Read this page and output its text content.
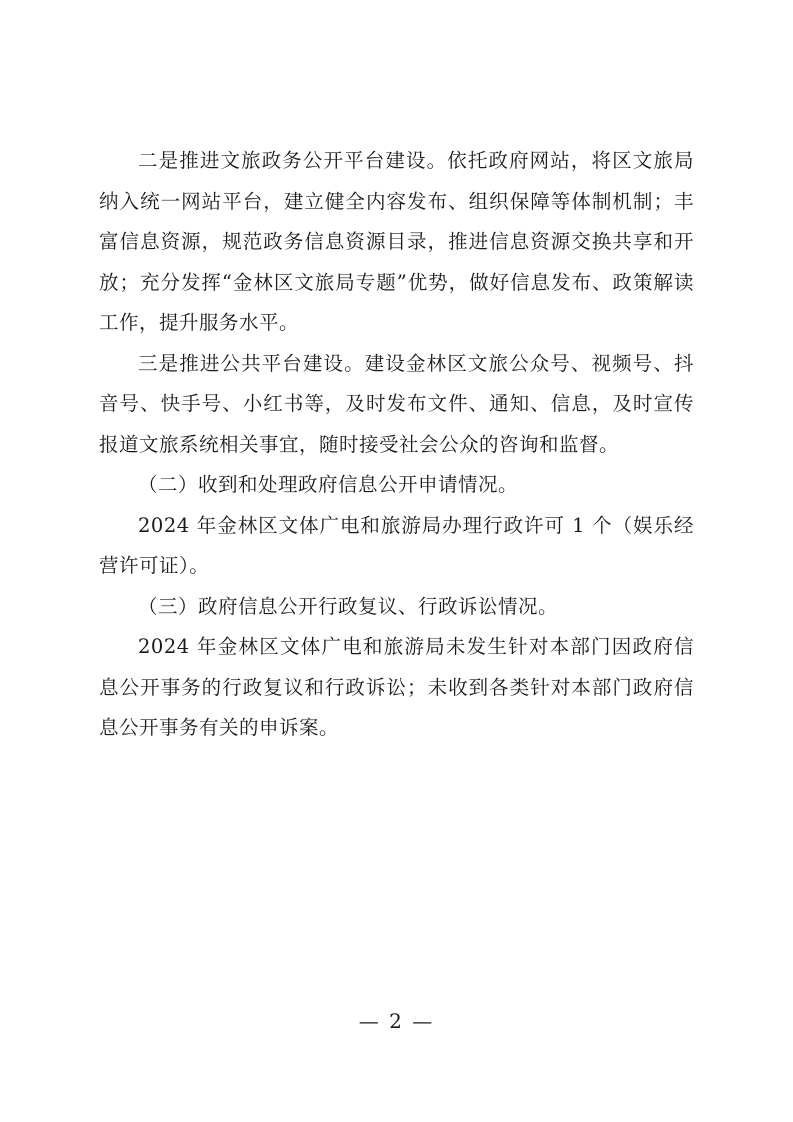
二是推进文旅政务公开平台建设。依托政府网站，将区文旅局纳入统一网站平台，建立健全内容发布、组织保障等体制机制；丰富信息资源，规范政务信息资源目录，推进信息资源交换共享和开放；充分发挥“金林区文旅局专题”优势，做好信息发布、政策解读工作，提升服务水平。

三是推进公共平台建设。建设金林区文旅公众号、视频号、抖音号、快手号、小红书等，及时发布文件、通知、信息，及时宣传报道文旅系统相关事宜，随时接受社会公众的咨询和监督。

（二）收到和处理政府信息公开申请情况。

2024 年金林区文体广电和旅游局办理行政许可 1 个（娱乐经营许可证）。

（三）政府信息公开行政复议、行政诉讼情况。

2024 年金林区文体广电和旅游局未发生针对本部门因政府信息公开事务的行政复议和行政诉讼；未收到各类针对本部门政府信息公开事务有关的申诉案。

— 2 —
